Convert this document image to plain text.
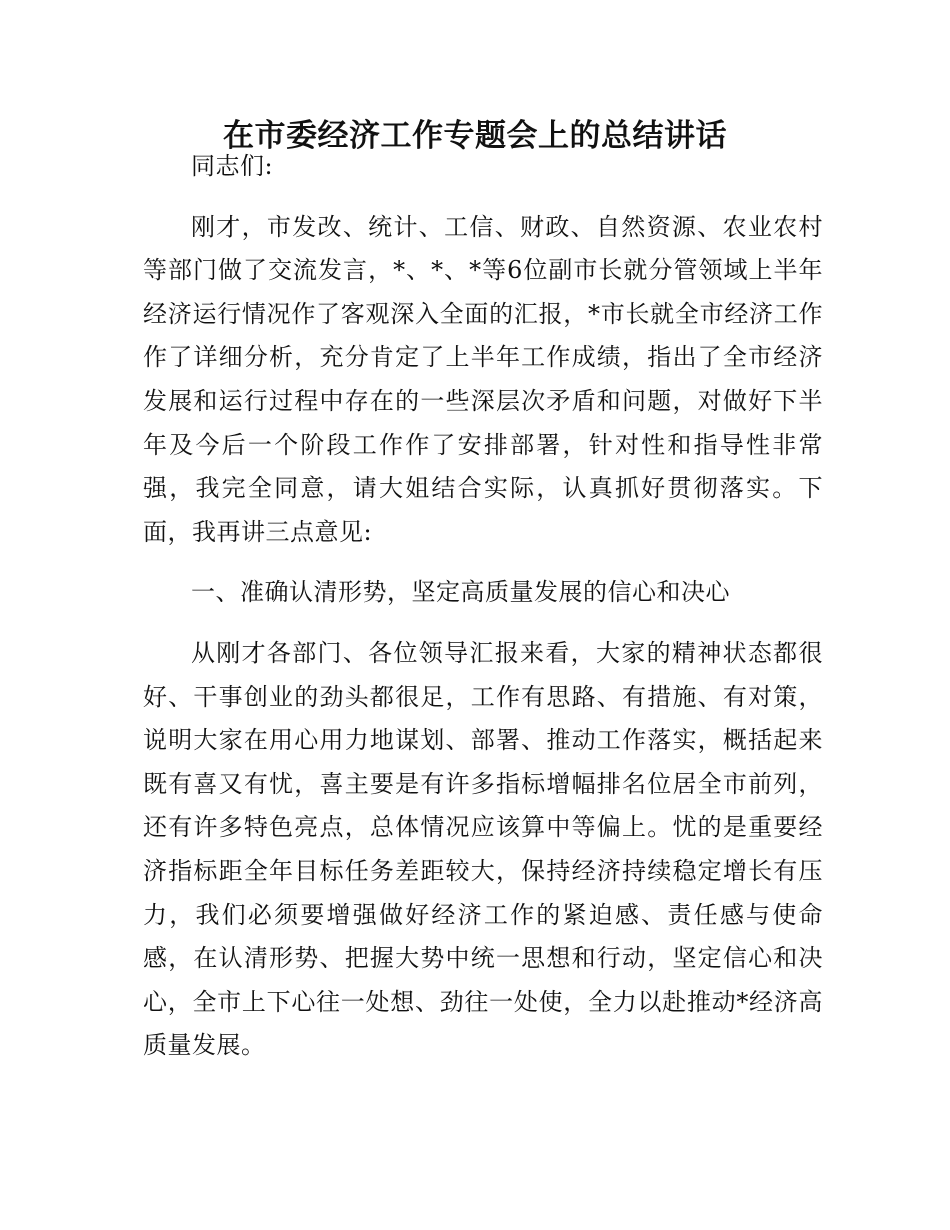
在市委经济工作专题会上的总结讲话

同志们:

刚才，市发改、统计、工信、财政、自然资源、农业农村等部门做了交流发言，*、*、*等6位副市长就分管领域上半年经济运行情况作了客观深入全面的汇报，*市长就全市经济工作作了详细分析，充分肯定了上半年工作成绩，指出了全市经济发展和运行过程中存在的一些深层次矛盾和问题，对做好下半年及今后一个阶段工作作了安排部署，针对性和指导性非常强，我完全同意，请大姐结合实际，认真抓好贯彻落实。下面，我再讲三点意见:

一、准确认清形势，坚定高质量发展的信心和决心

从刚才各部门、各位领导汇报来看，大家的精神状态都很好、干事创业的劲头都很足，工作有思路、有措施、有对策，说明大家在用心用力地谋划、部署、推动工作落实，概括起来既有喜又有忧，喜主要是有许多指标增幅排名位居全市前列，还有许多特色亮点，总体情况应该算中等偏上。忧的是重要经济指标距全年目标任务差距较大，保持经济持续稳定增长有压力，我们必须要增强做好经济工作的紧迫感、责任感与使命感，在认清形势、把握大势中统一思想和行动，坚定信心和决心，全市上下心往一处想、劲往一处使，全力以赴推动*经济高质量发展。
